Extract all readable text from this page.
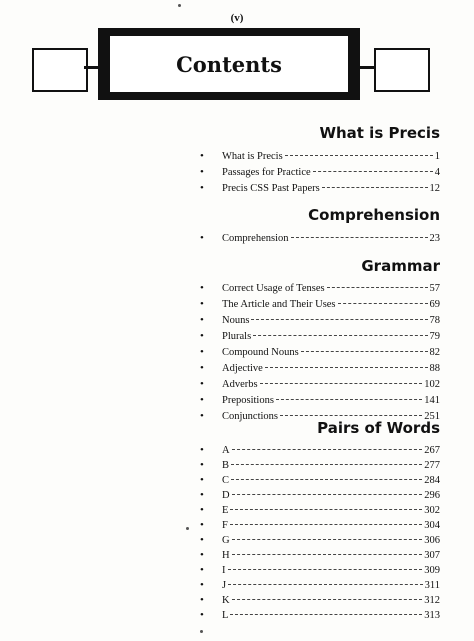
(v)
Contents
What is Precis
•	What is Precis	1
•	Passages for Practice	4
•	Precis CSS Past Papers	12
Comprehension
•	Comprehension	23
Grammar
•	Correct Usage of Tenses	57
•	The Article and Their Uses	69
•	Nouns	78
•	Plurals	79
•	Compound Nouns	82
•	Adjective	88
•	Adverbs	102
•	Prepositions	141
•	Conjunctions	251
Pairs of Words
•	A	267
•	B	277
•	C	284
•	D	296
•	E	302
•	F	304
•	G	306
•	H	307
•	I	309
•	J	311
•	K	312
•	L	313
